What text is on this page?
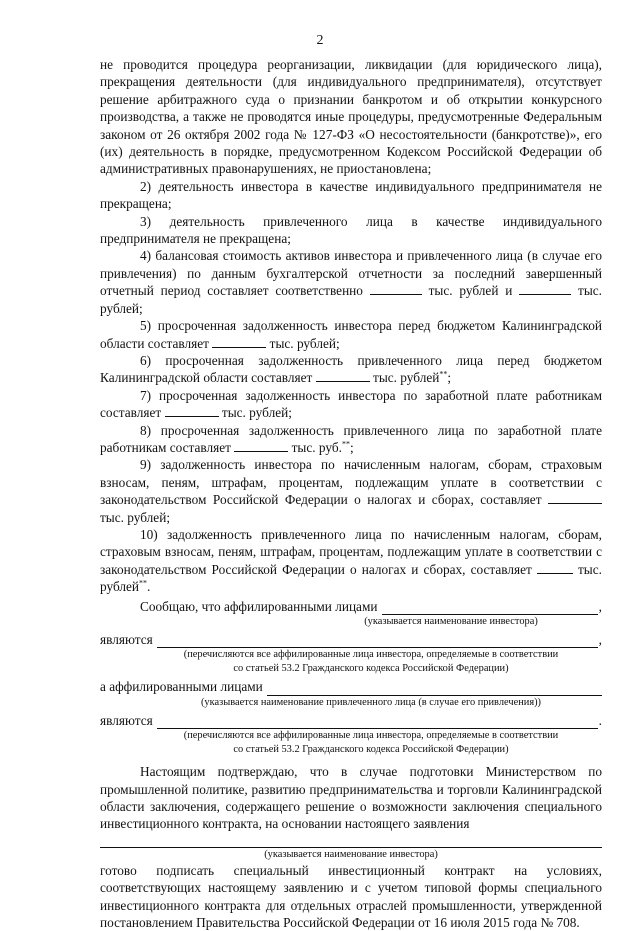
2

не проводится процедура реорганизации, ликвидации (для юридического лица), прекращения деятельности (для индивидуального предпринимателя), отсутствует решение арбитражного суда о признании банкротом и об открытии конкурсного производства, а также не проводятся иные процедуры, предусмотренные Федеральным законом от 26 октября 2002 года № 127-ФЗ «О несостоятельности (банкротстве)», его (их) деятельность в порядке, предусмотренном Кодексом Российской Федерации об административных правонарушениях, не приостановлена;

2) деятельность инвестора в качестве индивидуального предпринимателя не прекращена;

3) деятельность привлеченного лица в качестве индивидуального предпринимателя не прекращена;

4) балансовая стоимость активов инвестора и привлеченного лица (в случае его привлечения) по данным бухгалтерской отчетности за последний завершенный отчетный период составляет соответственно	тыс. рублей и	тыс. рублей;

5) просроченная задолженность инвестора перед бюджетом Калининградской области составляет	тыс. рублей;

6) просроченная задолженность привлеченного лица перед бюджетом Калининградской области составляет	тыс. рублей**;

7) просроченная задолженность инвестора по заработной плате работникам составляет	тыс. рублей;

8) просроченная задолженность привлеченного лица по заработной плате работникам составляет	тыс. руб.**;

9) задолженность инвестора по начисленным налогам, сборам, страховым взносам, пеням, штрафам, процентам, подлежащим уплате в соответствии с законодательством Российской Федерации о налогах и сборах, составляет  тыс. рублей;

10) задолженность привлеченного лица по начисленным налогам, сборам, страховым взносам, пеням, штрафам, процентам, подлежащим уплате в соответствии с законодательством Российской Федерации о налогах и сборах, составляет	тыс. рублей**.

Сообщаю, что аффилированными лицами	,
(указывается наименование инвестора)
являются	,
(перечисляются все аффилированные лица инвестора, определяемые в соответствии
со статьей 53.2 Гражданского кодекса Российской Федерации)
а аффилированными лицами
(указывается наименование привлеченного лица (в случае его привлечения))
являются	.
(перечисляются все аффилированные лица инвестора, определяемые в соответствии
со статьей 53.2 Гражданского кодекса Российской Федерации)

Настоящим подтверждаю, что в случае подготовки Министерством по промышленной политике, развитию предпринимательства и торговли Калининградской области заключения, содержащего решение о возможности заключения специального инвестиционного контракта, на основании настоящего заявления

(указывается наименование инвестора)

готово подписать специальный инвестиционный контракт на условиях, соответствующих настоящему заявлению и с учетом типовой формы специального инвестиционного контракта для отдельных отраслей промышленности, утвержденной постановлением Правительства Российской Федерации от 16 июля 2015 года № 708.
